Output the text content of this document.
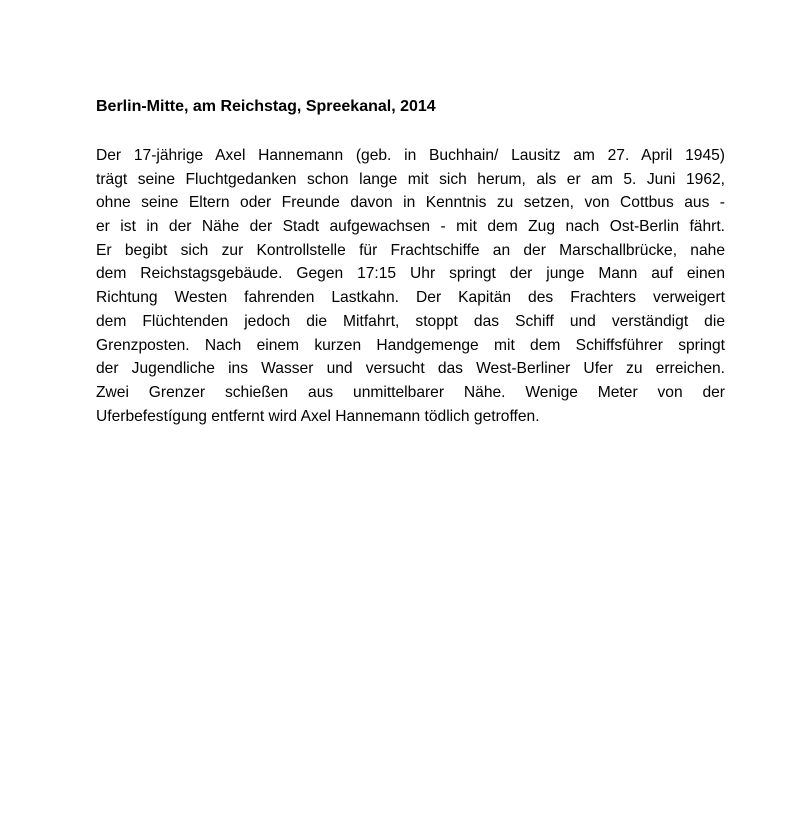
Berlin-Mitte, am Reichstag, Spreekanal, 2014
Der 17-jährige Axel Hannemann (geb. in Buchhain/ Lausitz am 27. April 1945)
trägt seine Fluchtgedanken schon lange mit sich herum, als er am 5. Juni 1962,
ohne seine Eltern oder Freunde davon in Kenntnis zu setzen, von Cottbus aus -
er ist in der Nähe der Stadt aufgewachsen - mit dem Zug nach Ost-Berlin fährt.
Er begibt sich zur Kontrollstelle für Frachtschiffe an der Marschallbrücke, nahe
dem Reichstagsgebäude. Gegen 17:15 Uhr springt der junge Mann auf einen
Richtung Westen fahrenden Lastkahn. Der Kapitän des Frachters verweigert
dem Flüchtenden jedoch die Mitfahrt, stoppt das Schiff und verständigt die
Grenzposten. Nach einem kurzen Handgemenge mit dem Schiffsführer springt
der Jugendliche ins Wasser und versucht das West-Berliner Ufer zu erreichen.
Zwei Grenzer schießen aus unmittelbarer Nähe. Wenige Meter von der
Uferbefestígung entfernt wird Axel Hannemann tödlich getroffen.
